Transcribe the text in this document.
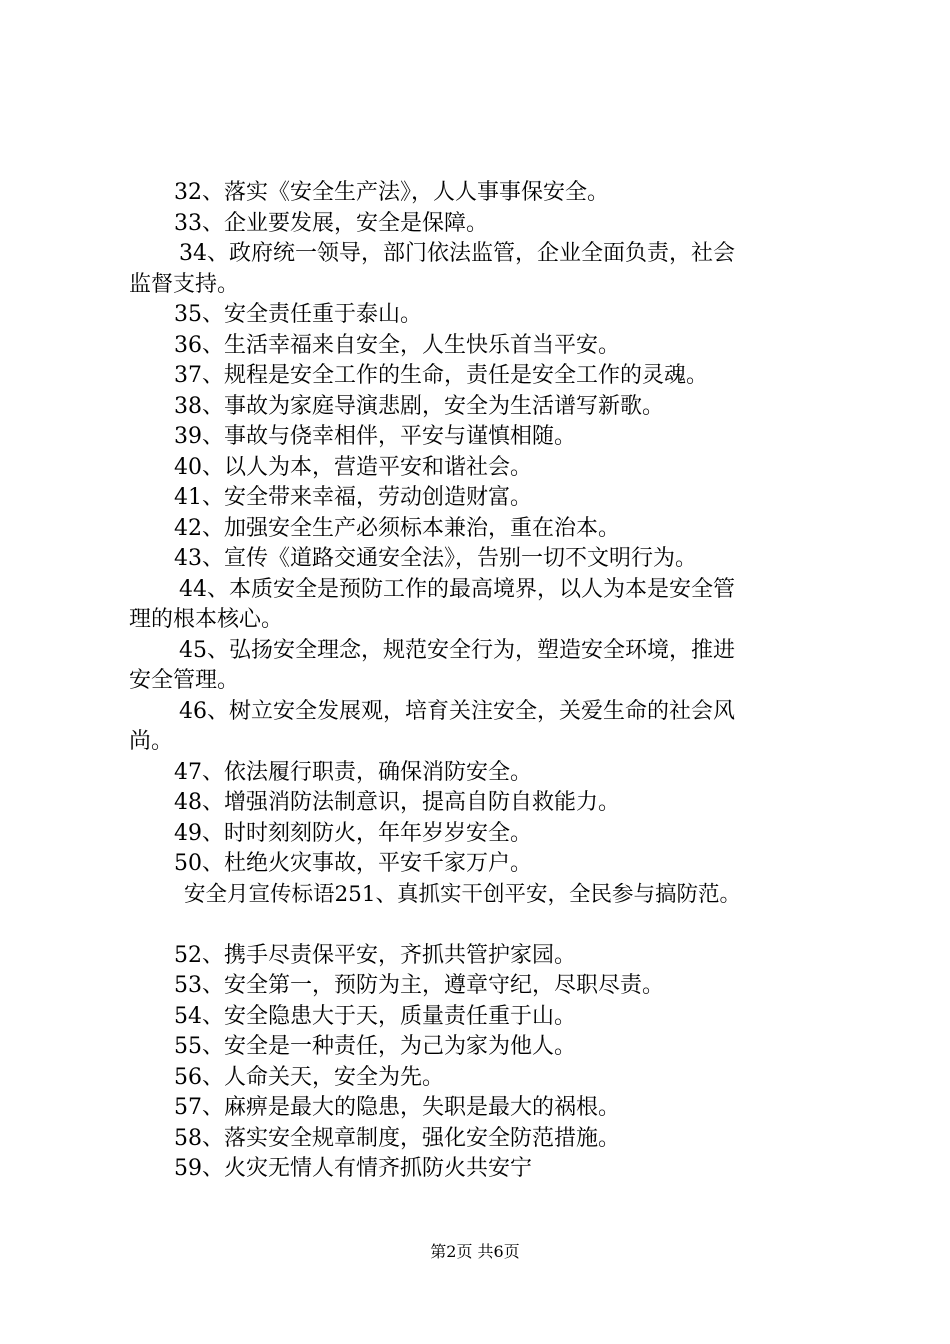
32、落实《安全生产法》，人人事事保安全。
33、企业要发展，安全是保障。
34、政府统一领导，部门依法监管，企业全面负责，社会
监督支持。
35、安全责任重于泰山。
36、生活幸福来自安全，人生快乐首当平安。
37、规程是安全工作的生命，责任是安全工作的灵魂。
38、事故为家庭导演悲剧，安全为生活谱写新歌。
39、事故与侥幸相伴，平安与谨慎相随。
40、以人为本，营造平安和谐社会。
41、安全带来幸福，劳动创造财富。
42、加强安全生产必须标本兼治，重在治本。
43、宣传《道路交通安全法》，告别一切不文明行为。
44、本质安全是预防工作的最高境界，以人为本是安全管
理的根本核心。
45、弘扬安全理念，规范安全行为，塑造安全环境，推进
安全管理。
46、树立安全发展观，培育关注安全，关爱生命的社会风
尚。
47、依法履行职责，确保消防安全。
48、增强消防法制意识，提高自防自救能力。
49、时时刻刻防火，年年岁岁安全。
50、杜绝火灾事故，平安千家万户。
安全月宣传标语251、真抓实干创平安，全民参与搞防范。
52、携手尽责保平安，齐抓共管护家园。
53、安全第一，预防为主，遵章守纪，尽职尽责。
54、安全隐患大于天，质量责任重于山。
55、安全是一种责任，为己为家为他人。
56、人命关天，安全为先。
57、麻痹是最大的隐患，失职是最大的祸根。
58、落实安全规章制度，强化安全防范措施。
59、火灾无情人有情齐抓防火共安宁
第2页 共6页
